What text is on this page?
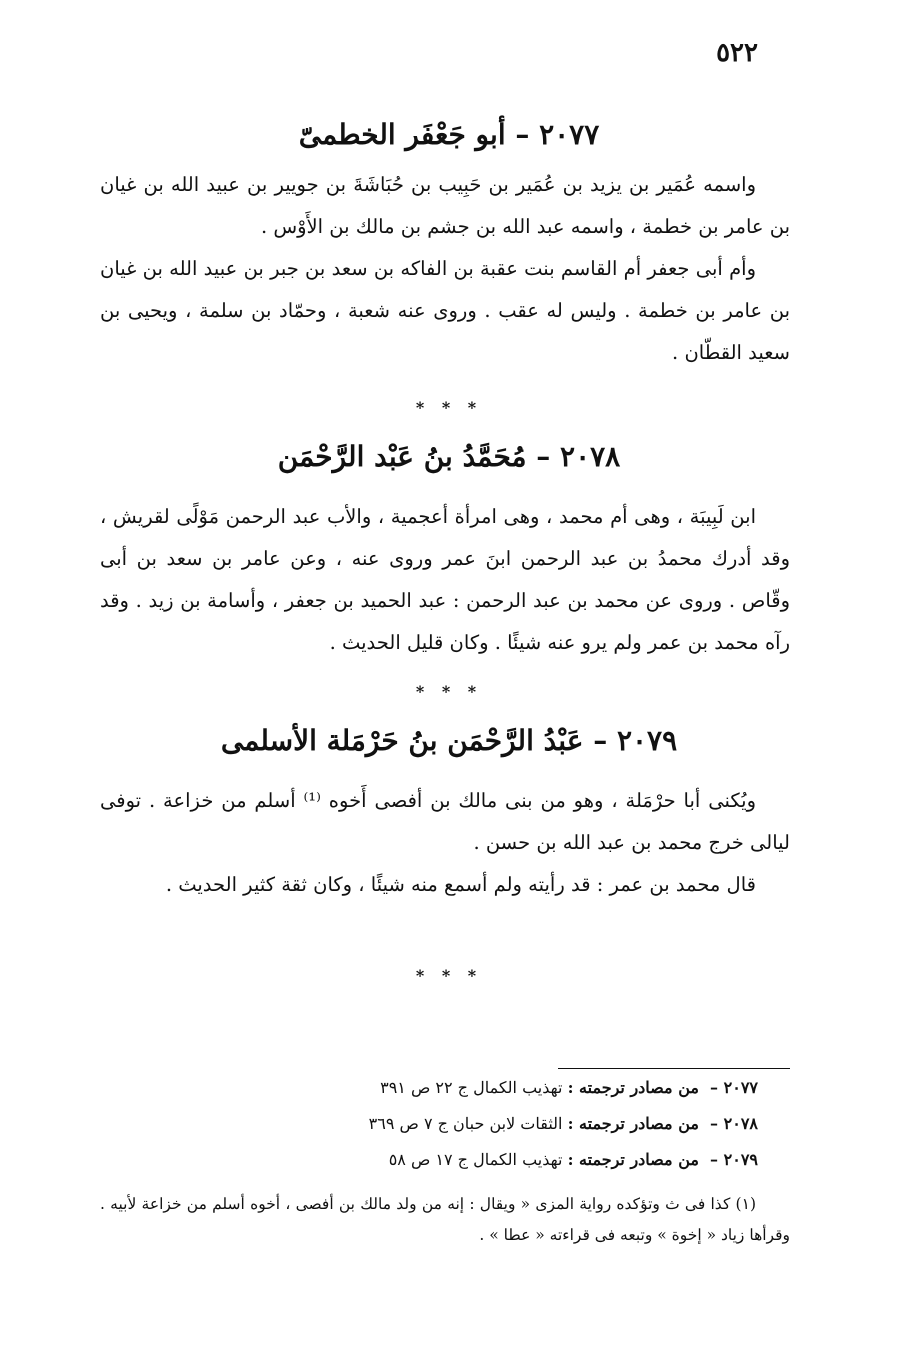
٥٢٢
٢٠٧٧ – أبو جَعْفَر الخطمىّ

واسمه عُمَير بن يزيد بن عُمَير بن حَبِيب بن حُبَاشَةَ بن جويير بن عبيد الله بن غيان بن عامر بن خطمة ، واسمه عبد الله بن جشم بن مالك بن الأَوْس .

وأم أبى جعفر أم القاسم بنت عقبة بن الفاكه بن سعد بن جبر بن عبيد الله بن غيان بن عامر بن خطمة . وليس له عقب . وروى عنه شعبة ، وحمّاد بن سلمة ، ويحيى بن سعيد القطّان .

* * *
٢٠٧٨ – مُحَمَّدُ بنُ عَبْد الرَّحْمَن

ابن لَبِيبَة ، وهى أم محمد ، وهى امرأة أعجمية ، والأب عبد الرحمن مَوْلًى لقريش ، وقد أدرك محمدُ بن عبد الرحمن ابنَ عمر وروى عنه ، وعن عامر بن سعد بن أبى وقّاص . وروى عن محمد بن عبد الرحمن : عبد الحميد بن جعفر ، وأسامة بن زيد . وقد رآه محمد بن عمر ولم يرو عنه شيئًا . وكان قليل الحديث .

* * *
٢٠٧٩ – عَبْدُ الرَّحْمَن بنُ حَرْمَلة الأسلمى

ويُكنى أبا حرْمَلة ، وهو من بنى مالك بن أفصى أَخوه ⁽¹⁾ أسلم من خزاعة . توفى ليالى خرج محمد بن عبد الله بن حسن .

قال محمد بن عمر : قد رأيته ولم أسمع منه شيئًا ، وكان ثقة كثير الحديث .

* * *
٢٠٧٧ – من مصادر ترجمته : تهذيب الكمال ج ٢٢ ص ٣٩١
٢٠٧٨ – من مصادر ترجمته : الثقات لابن حبان ج ٧ ص ٣٦٩
٢٠٧٩ – من مصادر ترجمته : تهذيب الكمال ج ١٧ ص ٥٨

(١) كذا فى ث وتؤكده رواية المزى « ويقال : إنه من ولد مالك بن أفصى ، أخوه أسلم من خزاعة لأبيه . وقرأها زياد « إخوة » وتبعه فى قراءته « عطا » .
